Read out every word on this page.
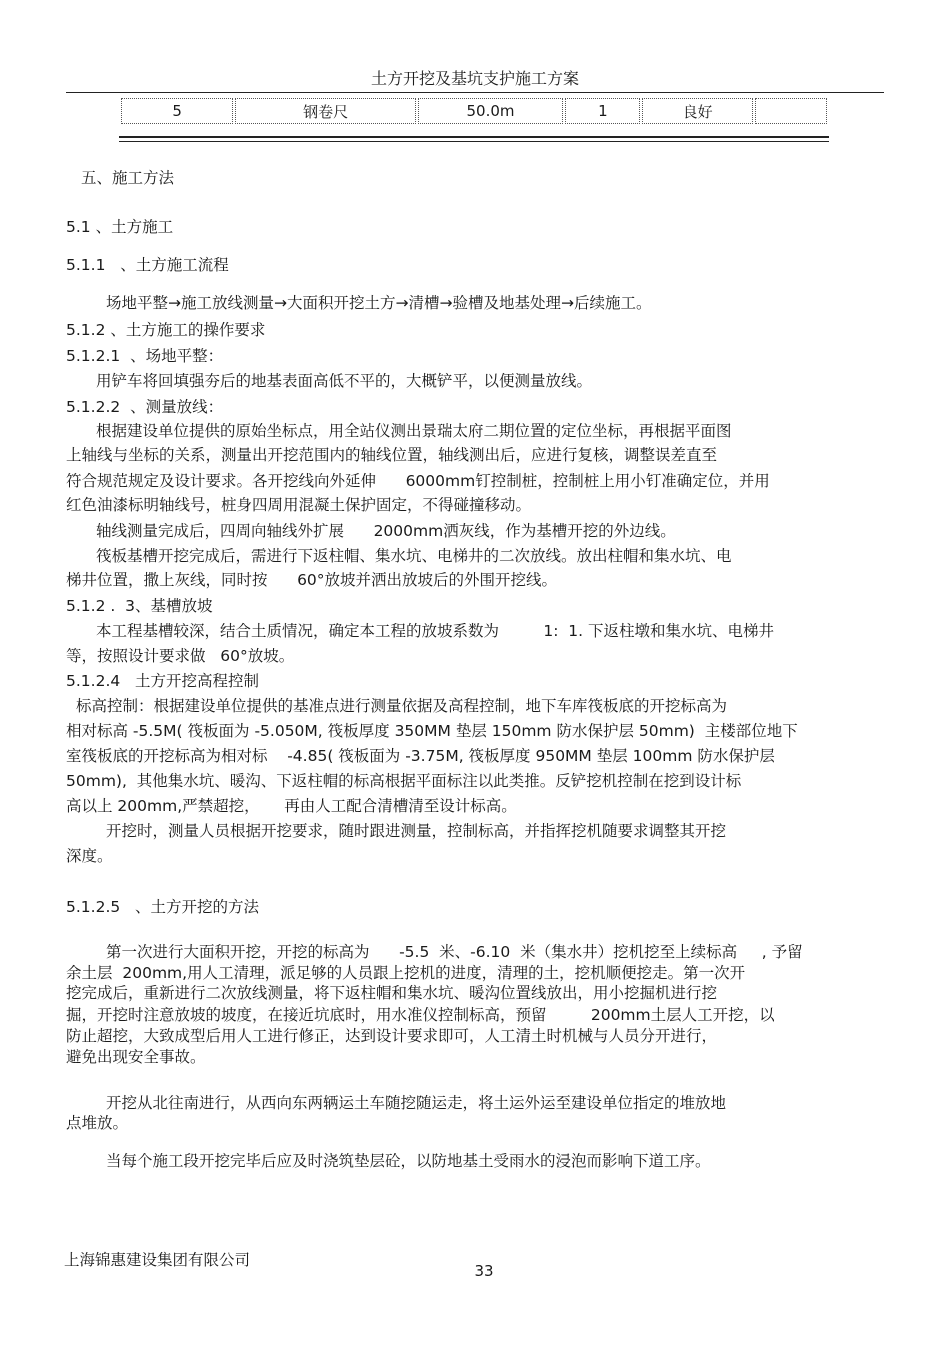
土方开挖及基坑支护施工方案
5	钢卷尺	50.0m	1	良好	
五、施工方法
5.1 、土方施工
5.1.1   、土方施工流程
场地平整→施工放线测量→大面积开挖土方→清槽→验槽及地基处理→后续施工。
5.1.2 、土方施工的操作要求
5.1.2.1  、场地平整：
用铲车将回填强夯后的地基表面高低不平的，大概铲平，以便测量放线。
5.1.2.2  、测量放线：
根据建设单位提供的原始坐标点，用全站仪测出景瑞太府二期位置的定位坐标，再根据平面图
上轴线与坐标的关系，测量出开挖范围内的轴线位置，轴线测出后，应进行复核，调整误差直至
符合规范规定及设计要求。各开挖线向外延伸      6000mm钉控制桩，控制桩上用小钉准确定位，并用
红色油漆标明轴线号，桩身四周用混凝土保护固定，不得碰撞移动。
轴线测量完成后，四周向轴线外扩展      2000mm洒灰线，作为基槽开挖的外边线。
筏板基槽开挖完成后，需进行下返柱帽、集水坑、电梯井的二次放线。放出柱帽和集水坑、电
梯井位置，撒上灰线，同时按      60°放坡并洒出放坡后的外围开挖线。
5.1.2 .  3、基槽放坡
本工程基槽较深，结合土质情况，确定本工程的放坡系数为         1:  1. 下返柱墩和集水坑、电梯井
等，按照设计要求做   60°放坡。
5.1.2.4   土方开挖高程控制
标高控制：根据建设单位提供的基准点进行测量依据及高程控制，地下车库筏板底的开挖标高为
相对标高 -5.5M( 筏板面为 -5.050M, 筏板厚度 350MM 垫层 150mm 防水保护层 50mm)  主楼部位地下
室筏板底的开挖标高为相对标    -4.85( 筏板面为 -3.75M, 筏板厚度 950MM 垫层 100mm 防水保护层
50mm),  其他集水坑、暖沟、下返柱帽的标高根据平面标注以此类推。反铲挖机控制在挖到设计标
高以上 200mm,严禁超挖，     再由人工配合清槽清至设计标高。
开挖时，测量人员根据开挖要求，随时跟进测量，控制标高，并指挥挖机随要求调整其开挖
深度。
5.1.2.5   、土方开挖的方法
第一次进行大面积开挖，开挖的标高为      -5.5  米、-6.10  米（集水井）挖机挖至上续标高     , 予留
余土层  200mm,用人工清理，派足够的人员跟上挖机的进度，清理的土，挖机顺便挖走。第一次开
挖完成后，重新进行二次放线测量，将下返柱帽和集水坑、暖沟位置线放出，用小挖掘机进行挖
掘，开挖时注意放坡的坡度，在接近坑底时，用水准仪控制标高，预留         200mm土层人工开挖，以
防止超挖，大致成型后用人工进行修正，达到设计要求即可，人工清土时机械与人员分开进行，
避免出现安全事故。
开挖从北往南进行，从西向东两辆运土车随挖随运走，将土运外运至建设单位指定的堆放地
点堆放。
当每个施工段开挖完毕后应及时浇筑垫层砼，以防地基土受雨水的浸泡而影响下道工序。
上海锦惠建设集团有限公司
33
